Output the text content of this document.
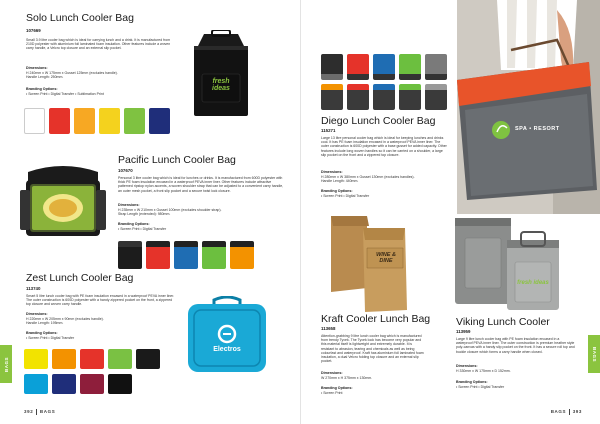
Solo Lunch Cooler Bag
107669
Small 3.9 litre cooler bag which is ideal for carrying lunch and a drink. It is manufactured from 210D polyester with aluminium foil laminated foam insulation. Other features include a woven carry handle, a Velcro top closure and an external slip pocket.
Dimensions:
H 240mm x W 175mm x Gusset 125mm (excludes handle).
Handle Length: 250mm.
Branding Options:
• Screen Print • Digital Transfer • Sublimation Print
fresh ideas
Pacific Lunch Cooler Bag
107670
Personal 3 litre cooler bag which is ideal for lunches or drinks. It is manufactured from 600D polyester with thick PE foam insulation encased in a waterproof PEVA inner liner. Other features include attractive patterned ripstop nylon accents, a woven shoulder strap that can be adjusted to a convenient carry handle, an outer mesh pocket, a front slip pocket and a secure twist lock closure.
Dimensions:
H 235mm x W 210mm x Gusset 100mm (excludes shoulder strap).
Strap Length (extended): 980mm.
Branding Options:
• Screen Print • Digital Transfer
Zest Lunch Cooler Bag
113740
Smart 5 litre lunch cooler bag with PE foam insulation encased in a waterproof PEVA inner liner. The outer construction is 600D polyester with a handy zippered pocket on the front, a zippered top closure and woven carry handle.
Dimensions:
H 220mm x W 205mm x 90mm (excludes handle).
Handle Length: 195mm.
Branding Options:
• Screen Print • Digital Transfer
Electros
BAGS
392 BAGS
Diego Lunch Cooler Bag
115271
Large 13 litre personal cooler bag which is ideal for keeping lunches and drinks cool. It has PE foam insulation encased in a waterproof PEVA inner liner. The outer construction is 600D polyester with a base gusset for added capacity. Other features include long woven handles so it can be carried on a shoulder, a large slip pocket on the front and a zippered top closure.
Dimensions:
H 280mm x W 380mm x Gusset 130mm (excludes handles).
Handle Length: 440mm.
Branding Options:
• Screen Print • Digital Transfer
SPA • RESORT
WINE & DINE
Kraft Cooler Lunch Bag
113658
Attention-grabbing 9 litre lunch cooler bag which is manufactured from trendy Tyvek. The Tyvek look has become very popular and this material itself is lightweight and extremely durable. It is resistant to abrasion, tearing and chemicals as well as being colourfast and waterproof. Kraft has aluminium foil laminated foam insulation, a dual Velcro folding top closure and an external slip pocket.
Dimensions:
W 270mm x H 375mm x 130mm.
Branding Options:
• Screen Print
fresh ideas
Viking Lunch Cooler
113959
Large 9 litre lunch cooler bag with PE foam insulation encased in a waterproof PEVA inner liner. The outer construction is premium heather style poly-canvas with a handy slip pocket on the front. It has a secure roll top and buckle closure which forms a carry handle when closed.
Dimensions:
H 330mm x W 175mm x D 152mm.
Branding Options:
• Screen Print • Digital Transfer
BAGS
BAGS 393
